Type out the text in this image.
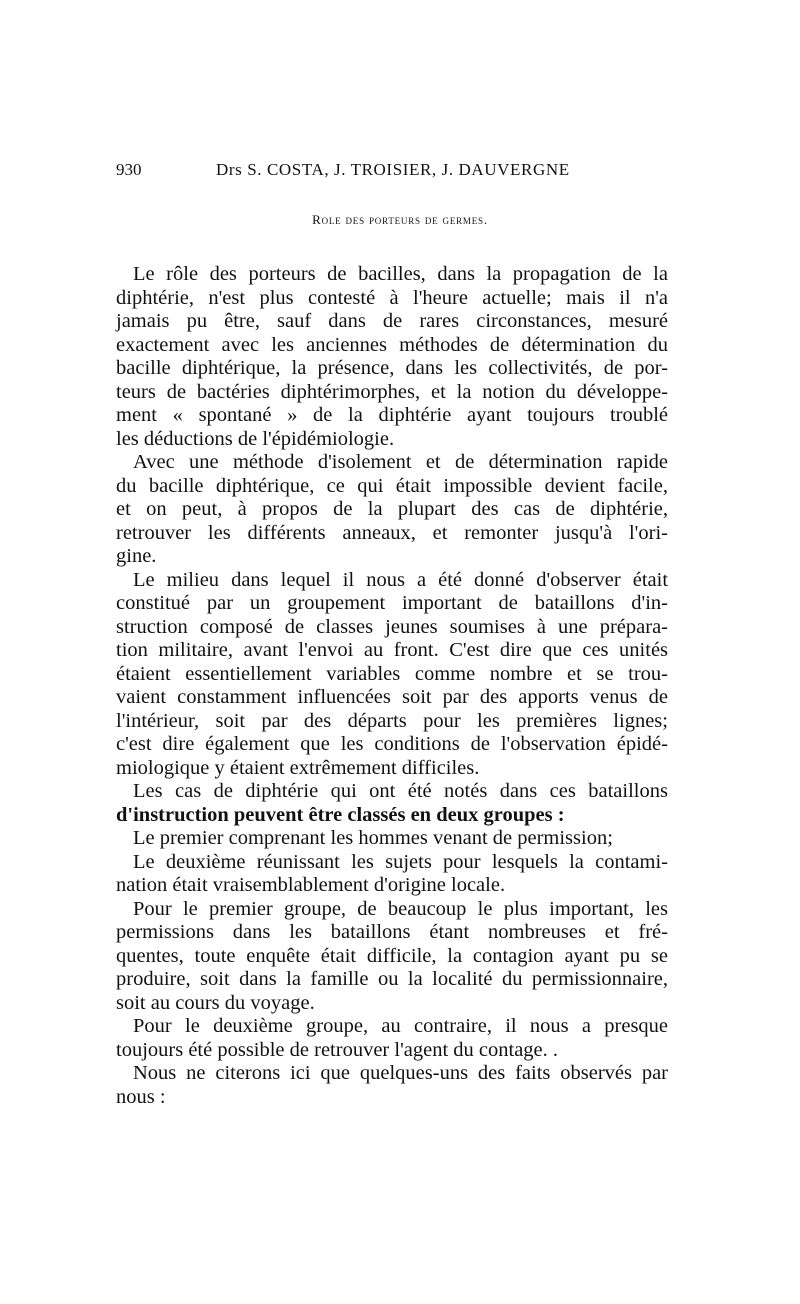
930	Drs S. COSTA, J. TROISIER, J. DAUVERGNE
Role des porteurs de germes.
Le rôle des porteurs de bacilles, dans la propagation de la
diphtérie, n'est plus contesté à l'heure actuelle; mais il n'a
jamais pu être, sauf dans de rares circonstances, mesuré
exactement avec les anciennes méthodes de détermination du
bacille diphtérique, la présence, dans les collectivités, de por-
teurs de bactéries diphtérimorphes, et la notion du développe-
ment « spontané » de la diphtérie ayant toujours troublé
les déductions de l'épidémiologie.
Avec une méthode d'isolement et de détermination rapide
du bacille diphtérique, ce qui était impossible devient facile,
et on peut, à propos de la plupart des cas de diphtérie,
retrouver les différents anneaux, et remonter jusqu'à l'ori-
gine.
Le milieu dans lequel il nous a été donné d'observer était
constitué par un groupement important de bataillons d'in-
struction composé de classes jeunes soumises à une prépara-
tion militaire, avant l'envoi au front. C'est dire que ces unités
étaient essentiellement variables comme nombre et se trou-
vaient constamment influencées soit par des apports venus de
l'intérieur, soit par des départs pour les premières lignes;
c'est dire également que les conditions de l'observation épidé-
miologique y étaient extrêmement difficiles.
Les cas de diphtérie qui ont été notés dans ces bataillons
d'instruction peuvent être classés en deux groupes :
Le premier comprenant les hommes venant de permission;
Le deuxième réunissant les sujets pour lesquels la contami-
nation était vraisemblablement d'origine locale.
Pour le premier groupe, de beaucoup le plus important, les
permissions dans les bataillons étant nombreuses et fré-
quentes, toute enquête était difficile, la contagion ayant pu se
produire, soit dans la famille ou la localité du permissionnaire,
soit au cours du voyage.
Pour le deuxième groupe, au contraire, il nous a presque
toujours été possible de retrouver l'agent du contage. .
Nous ne citerons ici que quelques-uns des faits observés par
nous :
